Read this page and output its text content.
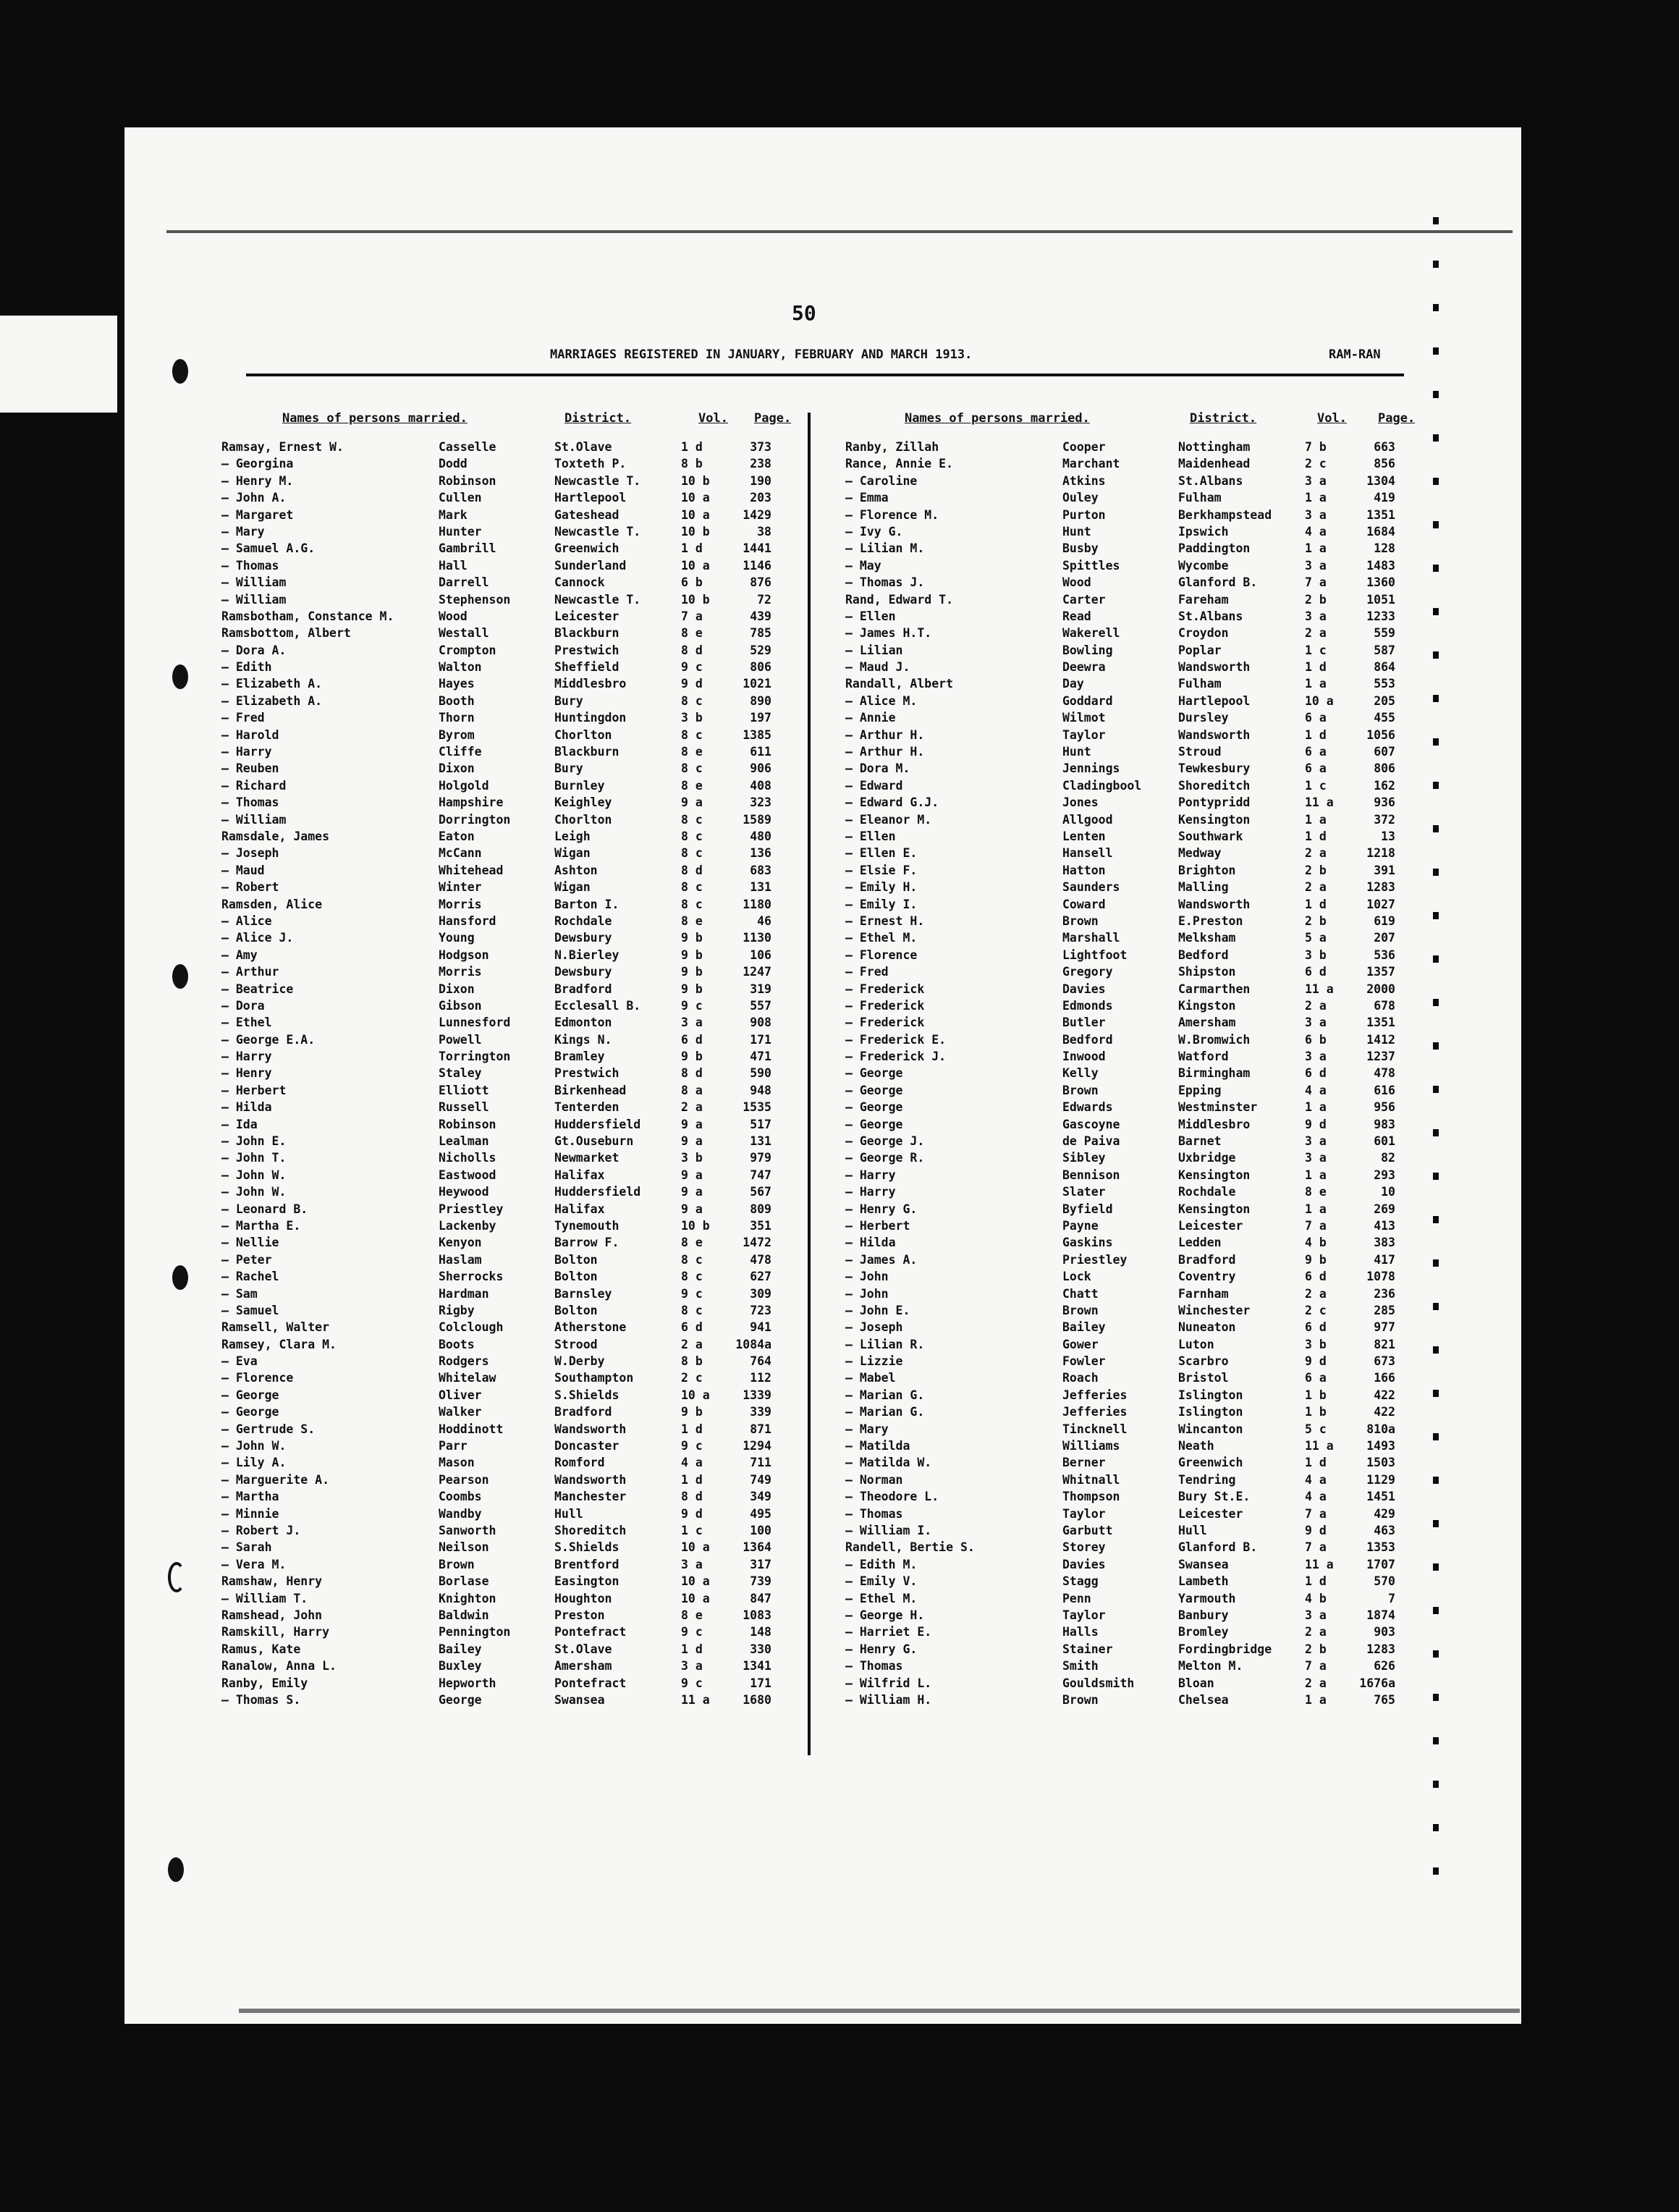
50
MARRIAGES REGISTERED IN JANUARY, FEBRUARY AND MARCH 1913.	RAM-RAN
Names of persons married.	District.	Vol. Page.	Names of persons married.	District.	Vol.	Page.
Ramsay, Ernest W.	Casselle	St.Olave	1 d	373
— Georgina	Dodd	Toxteth P.	8 b	238
— Henry M.	Robinson	Newcastle T.	10 b	190
— John A.	Cullen	Hartlepool	10 a	203
— Margaret	Mark	Gateshead	10 a	1429
— Mary	Hunter	Newcastle T.	10 b	38
— Samuel A.G.	Gambrill	Greenwich	1 d	1441
— Thomas	Hall	Sunderland	10 a	1146
— William	Darrell	Cannock	6 b	876
— William	Stephenson	Newcastle T.	10 b	72
Ramsbotham, Constance M.	Wood	Leicester	7 a	439
Ramsbottom, Albert	Westall	Blackburn	8 e	785
— Dora A.	Crompton	Prestwich	8 d	529
— Edith	Walton	Sheffield	9 c	806
— Elizabeth A.	Hayes	Middlesbro	9 d	1021
— Elizabeth A.	Booth	Bury	8 c	890
— Fred	Thorn	Huntingdon	3 b	197
— Harold	Byrom	Chorlton	8 c	1385
— Harry	Cliffe	Blackburn	8 e	611
— Reuben	Dixon	Bury	8 c	906
— Richard	Holgold	Burnley	8 e	408
— Thomas	Hampshire	Keighley	9 a	323
— William	Dorrington	Chorlton	8 c	1589
Ramsdale, James	Eaton	Leigh	8 c	480
— Joseph	McCann	Wigan	8 c	136
— Maud	Whitehead	Ashton	8 d	683
— Robert	Winter	Wigan	8 c	131
Ramsden, Alice	Morris	Barton I.	8 c	1180
— Alice	Hansford	Rochdale	8 e	46
— Alice J.	Young	Dewsbury	9 b	1130
— Amy	Hodgson	N.Bierley	9 b	106
— Arthur	Morris	Dewsbury	9 b	1247
— Beatrice	Dixon	Bradford	9 b	319
— Dora	Gibson	Ecclesall B.	9 c	557
— Ethel	Lunnesford	Edmonton	3 a	908
— George E.A.	Powell	Kings N.	6 d	171
— Harry	Torrington	Bramley	9 b	471
— Henry	Staley	Prestwich	8 d	590
— Herbert	Elliott	Birkenhead	8 a	948
— Hilda	Russell	Tenterden	2 a	1535
— Ida	Robinson	Huddersfield	9 a	517
— John E.	Lealman	Gt.Ouseburn	9 a	131
— John T.	Nicholls	Newmarket	3 b	979
— John W.	Eastwood	Halifax	9 a	747
— John W.	Heywood	Huddersfield	9 a	567
— Leonard B.	Priestley	Halifax	9 a	809
— Martha E.	Lackenby	Tynemouth	10 b	351
— Nellie	Kenyon	Barrow F.	8 e	1472
— Peter	Haslam	Bolton	8 c	478
— Rachel	Sherrocks	Bolton	8 c	627
— Sam	Hardman	Barnsley	9 c	309
— Samuel	Rigby	Bolton	8 c	723
Ramsell, Walter	Colclough	Atherstone	6 d	941
Ramsey, Clara M.	Boots	Strood	2 a	1084a
— Eva	Rodgers	W.Derby	8 b	764
— Florence	Whitelaw	Southampton	2 c	112
— George	Oliver	S.Shields	10 a	1339
— George	Walker	Bradford	9 b	339
— Gertrude S.	Hoddinott	Wandsworth	1 d	871
— John W.	Parr	Doncaster	9 c	1294
— Lily A.	Mason	Romford	4 a	711
— Marguerite A.	Pearson	Wandsworth	1 d	749
— Martha	Coombs	Manchester	8 d	349
— Minnie	Wandby	Hull	9 d	495
— Robert J.	Sanworth	Shoreditch	1 c	100
— Sarah	Neilson	S.Shields	10 a	1364
— Vera M.	Brown	Brentford	3 a	317
Ramshaw, Henry	Borlase	Easington	10 a	739
— William T.	Knighton	Houghton	10 a	847
Ramshead, John	Baldwin	Preston	8 e	1083
Ramskill, Harry	Pennington	Pontefract	9 c	148
Ramus, Kate	Bailey	St.Olave	1 d	330
Ranalow, Anna L.	Buxley	Amersham	3 a	1341
Ranby, Emily	Hepworth	Pontefract	9 c	171
— Thomas S.	George	Swansea	11 a	1680
Ranby, Zillah	Cooper	Nottingham	7 b	663
Rance, Annie E.	Marchant	Maidenhead	2 c	856
— Caroline	Atkins	St.Albans	3 a	1304
— Emma	Ouley	Fulham	1 a	419
— Florence M.	Purton	Berkhampstead	3 a	1351
— Ivy G.	Hunt	Ipswich	4 a	1684
— Lilian M.	Busby	Paddington	1 a	128
— May	Spittles	Wycombe	3 a	1483
— Thomas J.	Wood	Glanford B.	7 a	1360
Rand, Edward T.	Carter	Fareham	2 b	1051
— Ellen	Read	St.Albans	3 a	1233
— James H.T.	Wakerell	Croydon	2 a	559
— Lilian	Bowling	Poplar	1 c	587
— Maud J.	Deewra	Wandsworth	1 d	864
Randall, Albert	Day	Fulham	1 a	553
— Alice M.	Goddard	Hartlepool	10 a	205
— Annie	Wilmot	Dursley	6 a	455
— Arthur H.	Taylor	Wandsworth	1 d	1056
— Arthur H.	Hunt	Stroud	6 a	607
— Dora M.	Jennings	Tewkesbury	6 a	806
— Edward	Cladingbool	Shoreditch	1 c	162
— Edward G.J.	Jones	Pontypridd	11 a	936
— Eleanor M.	Allgood	Kensington	1 a	372
— Ellen	Lenten	Southwark	1 d	13
— Ellen E.	Hansell	Medway	2 a	1218
— Elsie F.	Hatton	Brighton	2 b	391
— Emily H.	Saunders	Malling	2 a	1283
— Emily I.	Coward	Wandsworth	1 d	1027
— Ernest H.	Brown	E.Preston	2 b	619
— Ethel M.	Marshall	Melksham	5 a	207
— Florence	Lightfoot	Bedford	3 b	536
— Fred	Gregory	Shipston	6 d	1357
— Frederick	Davies	Carmarthen	11 a	2000
— Frederick	Edmonds	Kingston	2 a	678
— Frederick	Butler	Amersham	3 a	1351
— Frederick E.	Bedford	W.Bromwich	6 b	1412
— Frederick J.	Inwood	Watford	3 a	1237
— George	Kelly	Birmingham	6 d	478
— George	Brown	Epping	4 a	616
— George	Edwards	Westminster	1 a	956
— George	Gascoyne	Middlesbro	9 d	983
— George J.	de Paiva	Barnet	3 a	601
— George R.	Sibley	Uxbridge	3 a	82
— Harry	Bennison	Kensington	1 a	293
— Harry	Slater	Rochdale	8 e	10
— Henry G.	Byfield	Kensington	1 a	269
— Herbert	Payne	Leicester	7 a	413
— Hilda	Gaskins	Ledden	4 b	383
— James A.	Priestley	Bradford	9 b	417
— John	Lock	Coventry	6 d	1078
— John	Chatt	Farnham	2 a	236
— John E.	Brown	Winchester	2 c	285
— Joseph	Bailey	Nuneaton	6 d	977
— Lilian R.	Gower	Luton	3 b	821
— Lizzie	Fowler	Scarbro	9 d	673
— Mabel	Roach	Bristol	6 a	166
— Marian G.	Jefferies	Islington	1 b	422
— Marian G.	Jefferies	Islington	1 b	422
— Mary	Tincknell	Wincanton	5 c	810a
— Matilda	Williams	Neath	11 a	1493
— Matilda W.	Berner	Greenwich	1 d	1503
— Norman	Whitnall	Tendring	4 a	1129
— Theodore L.	Thompson	Bury St.E.	4 a	1451
— Thomas	Taylor	Leicester	7 a	429
— William I.	Garbutt	Hull	9 d	463
Randell, Bertie S.	Storey	Glanford B.	7 a	1353
— Edith M.	Davies	Swansea	11 a	1707
— Emily V.	Stagg	Lambeth	1 d	570
— Ethel M.	Penn	Yarmouth	4 b	7
— George H.	Taylor	Banbury	3 a	1874
— Harriet E.	Halls	Bromley	2 a	903
— Henry G.	Stainer	Fordingbridge	2 b	1283
— Thomas	Smith	Melton M.	7 a	626
— Wilfrid L.	Gouldsmith	Bloan	2 a	1676a
— William H.	Brown	Chelsea	1 a	765
